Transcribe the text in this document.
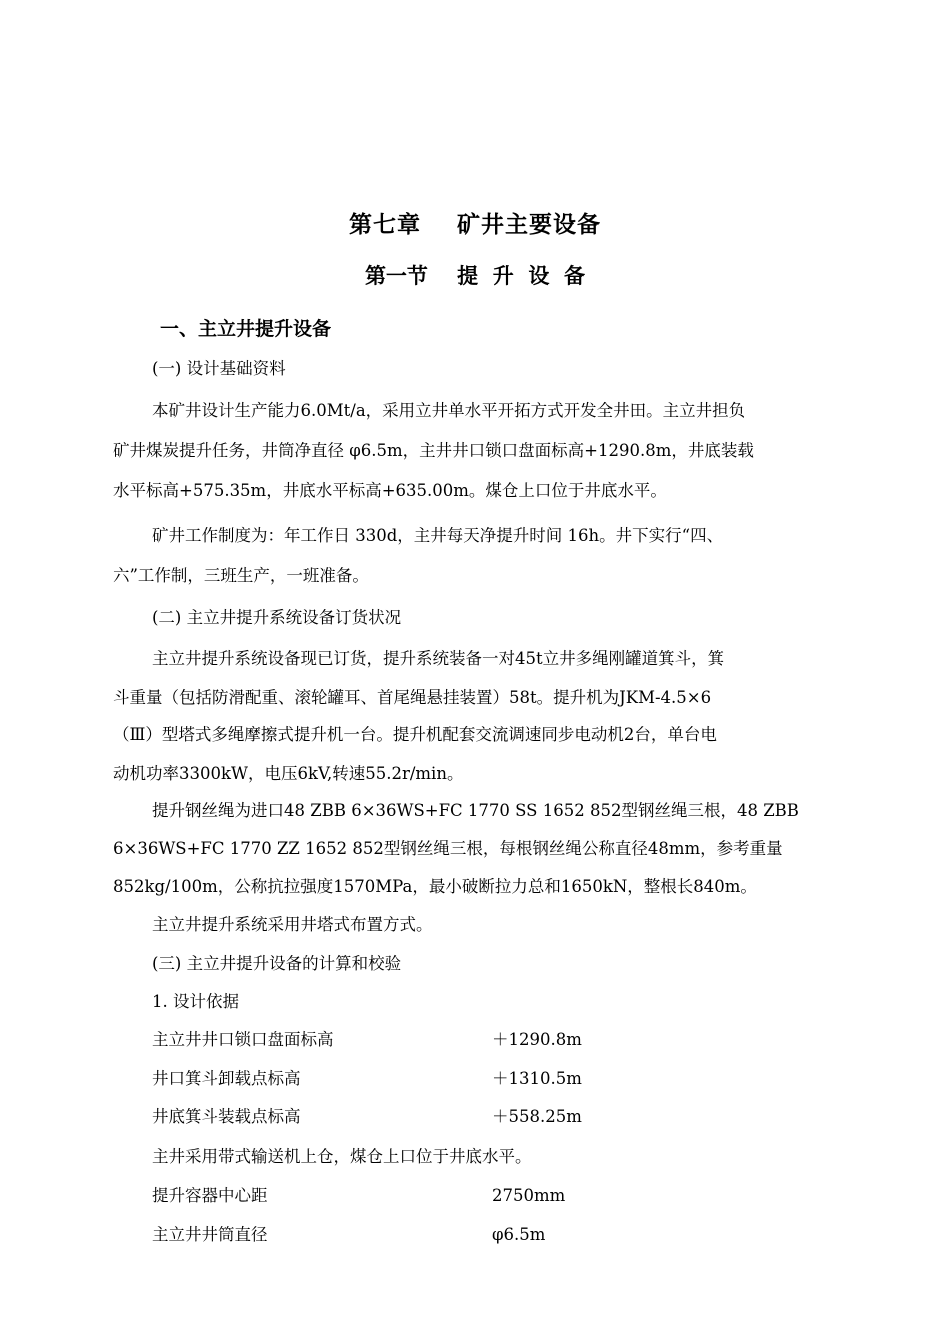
第七章    矿井主要设备
第一节    提  升  设  备
一、主立井提升设备
(一) 设计基础资料
本矿井设计生产能力6.0Mt/a，采用立井单水平开拓方式开发全井田。主立井担负
矿井煤炭提升任务，井筒净直径 φ6.5m，主井井口锁口盘面标高+1290.8m，井底装载
水平标高+575.35m，井底水平标高+635.00m。煤仓上口位于井底水平。
矿井工作制度为：年工作日 330d，主井每天净提升时间 16h。井下实行“四、
六”工作制，三班生产，一班准备。
(二) 主立井提升系统设备订货状况
主立井提升系统设备现已订货，提升系统装备一对45t立井多绳刚罐道箕斗，箕
斗重量（包括防滑配重、滚轮罐耳、首尾绳悬挂装置）58t。提升机为JKM-4.5×6
（Ⅲ）型塔式多绳摩擦式提升机一台。提升机配套交流调速同步电动机2台，单台电
动机功率3300kW，电压6kV,转速55.2r/min。
提升钢丝绳为进口48 ZBB 6×36WS+FC 1770 SS 1652 852型钢丝绳三根，48 ZBB
6×36WS+FC 1770 ZZ 1652 852型钢丝绳三根，每根钢丝绳公称直径48mm，参考重量
852kg/100m，公称抗拉强度1570MPa，最小破断拉力总和1650kN，整根长840m。
主立井提升系统采用井塔式布置方式。
(三) 主立井提升设备的计算和校验
1. 设计依据
主立井井口锁口盘面标高	＋1290.8m
井口箕斗卸载点标高	＋1310.5m
井底箕斗装载点标高	＋558.25m
主井采用带式输送机上仓，煤仓上口位于井底水平。
提升容器中心距	2750mm
主立井井筒直径	φ6.5m
